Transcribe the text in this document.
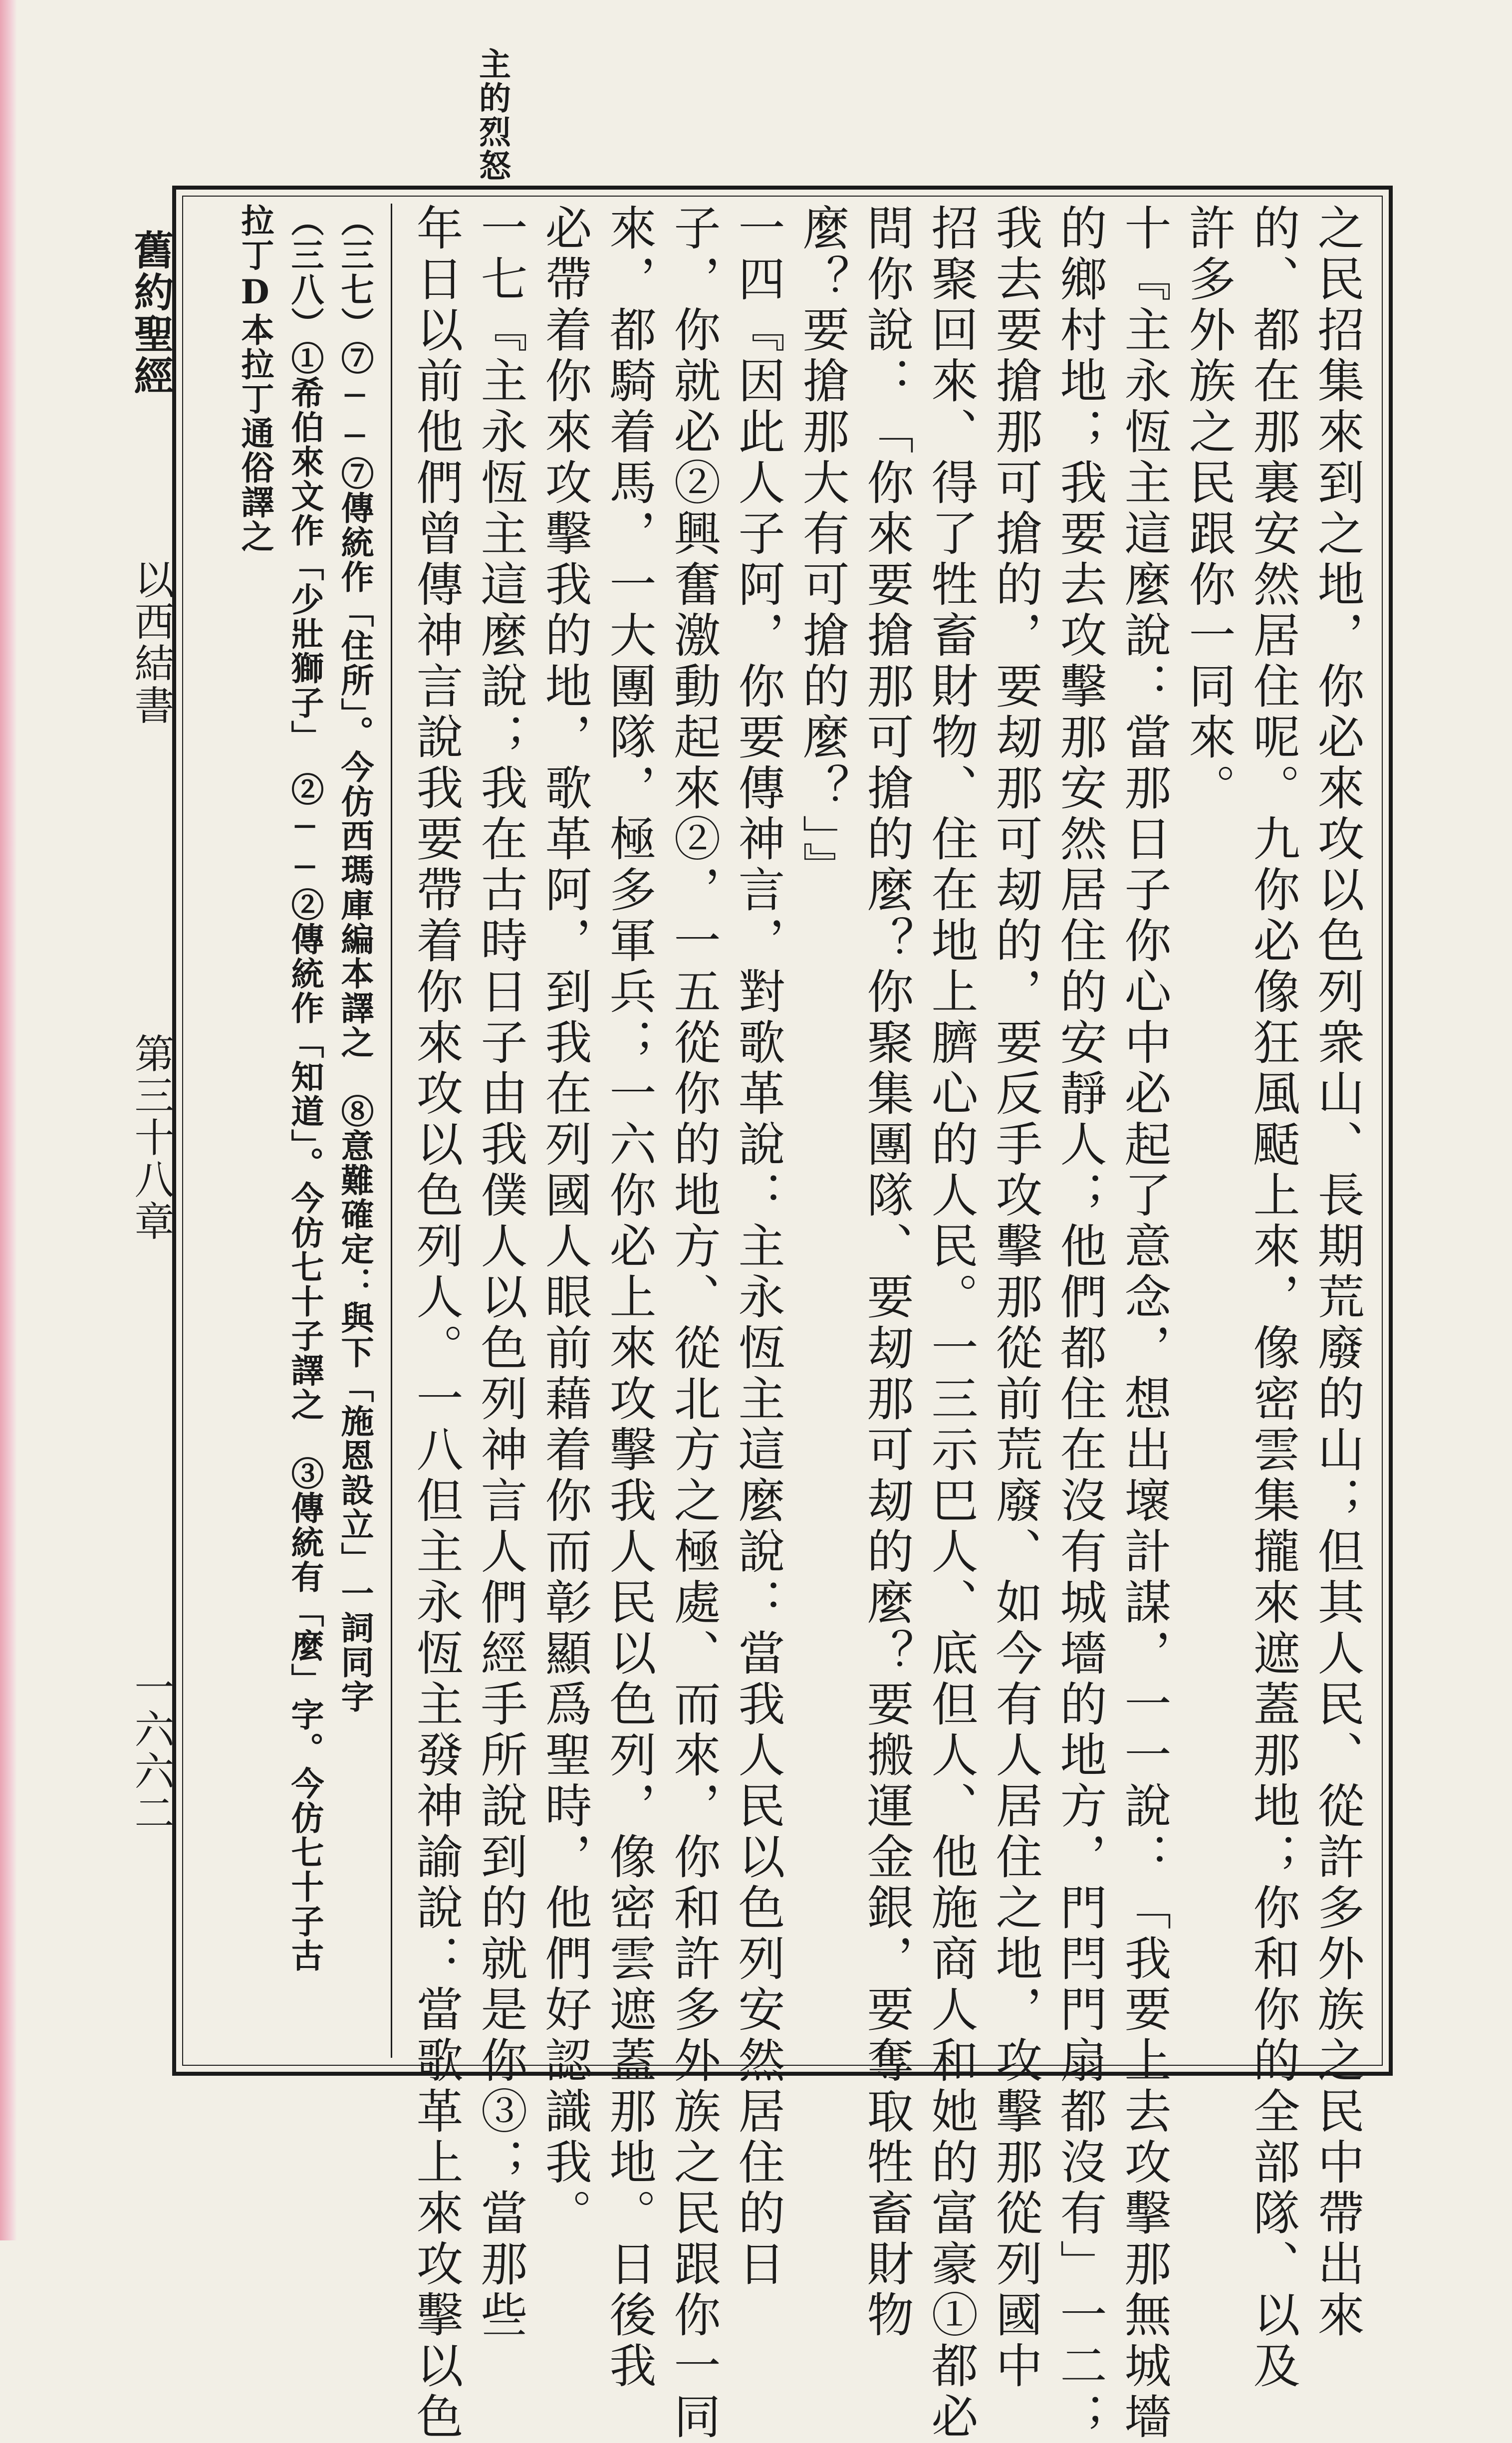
主的烈怒
之民招集來到之地，你必來攻以色列衆山、長期荒廢的山；但其人民、從許多外族之民中帶出來
的、都在那裏安然居住呢。九你必像狂風颳上來，像密雲集攏來遮蓋那地；你和你的全部隊、以及
許多外族之民跟你一同來。
十『主永恆主這麼說：當那日子你心中必起了意念，想出壞計謀，一一說：「我要上去攻擊那無城墻
的鄉村地；我要去攻擊那安然居住的安靜人；他們都住在沒有城墻的地方，門閂門扇都沒有」一二；
我去要搶那可搶的，要刼那可刼的，要反手攻擊那從前荒廢、如今有人居住之地，攻擊那從列國中
招聚回來、得了牲畜財物、住在地上臍心的人民。一三示巴人、底但人、他施商人和她的富豪①都必
問你說：「你來要搶那可搶的麼？你聚集團隊、要刼那可刼的麼？要搬運金銀，要奪取牲畜財物
麼？要搶那大有可搶的麼？」』
一四『因此人子阿，你要傳神言，對歌革說：主永恆主這麼說：當我人民以色列安然居住的日
子，你就必②興奮激動起來②，一五從你的地方、從北方之極處、而來，你和許多外族之民跟你一同
來，都騎着馬，一大團隊，極多軍兵；一六你必上來攻擊我人民以色列，像密雲遮蓋那地。日後我
必帶着你來攻擊我的地，歌革阿，到我在列國人眼前藉着你而彰顯爲聖時，他們好認識我。
一七『主永恆主這麼說；我在古時日子由我僕人以色列神言人們經手所說到的就是你③；當那些
年日以前他們曾傳神言說我要帶着你來攻以色列人。一八但主永恆主發神諭說：當歌革上來攻擊以色
（三七）⑦──⑦傳統作「住所」。今仿西瑪庫編本譯之　⑧意難確定：與下「施恩設立」一詞同字
（三八）①希伯來文作「少壯獅子」　②──②傳統作「知道」。今仿七十子譯之　③傳統有「麼」字。今仿七十子古
拉丁D本拉丁通俗譯之
舊約聖經
以西結書
第三十八章
一六六二
